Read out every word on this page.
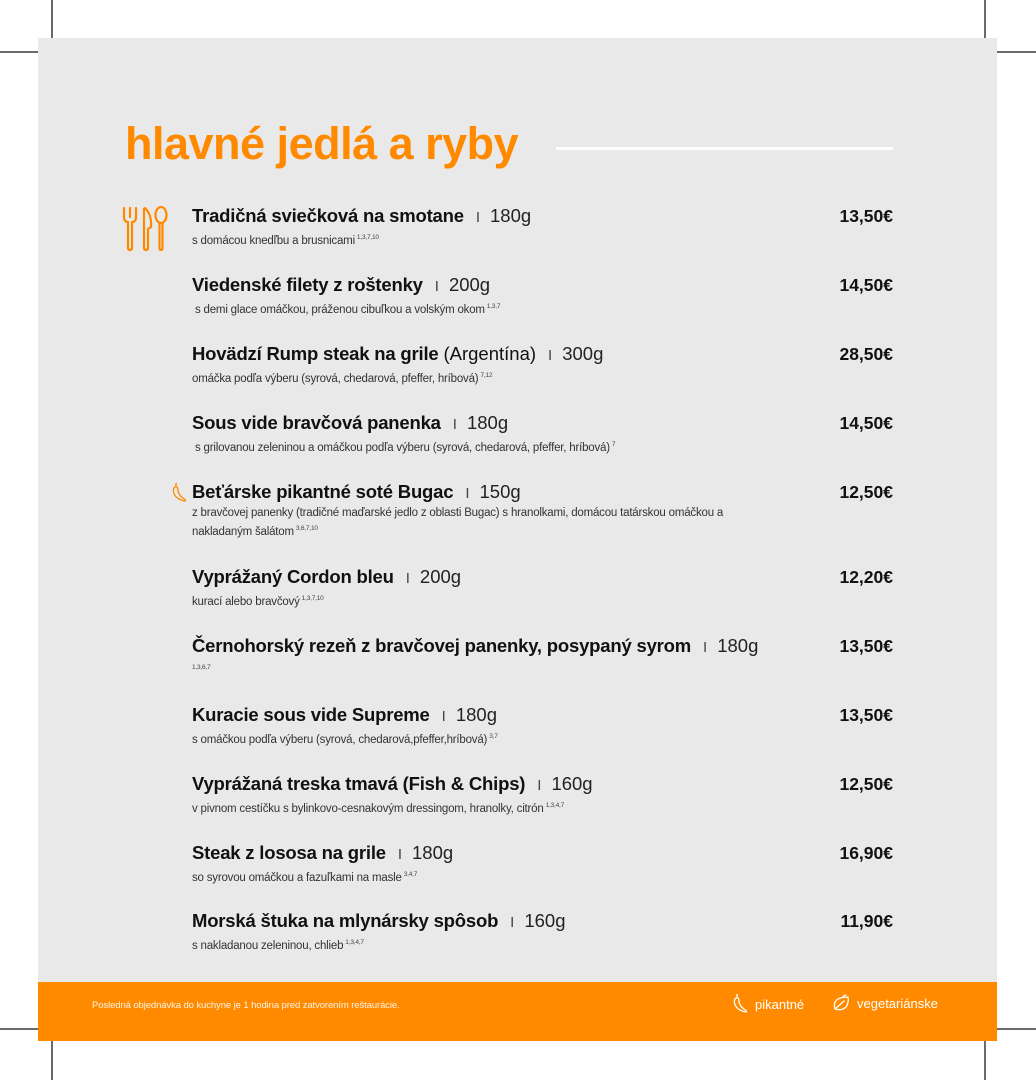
hlavné jedlá a ryby
Tradičná sviečková na smotane I 180g	13,50€
s domácou knedľbu a brusnicami $^{1,3,7,10}$
Viedenské filety z roštenky I 200g	14,50€
s demi glace omáčkou, práženou cibuľkou a volským okom $^{1,3,7}$
Hovädzí Rump steak na grile (Argentína) I 300g	28,50€
omáčka podľa výberu (syrová, chedarová, pfeffer, hríbová) $^{7,12}$
Sous vide bravčová panenka I 180g	14,50€
s grilovanou zeleninou a omáčkou podľa výberu (syrová, chedarová, pfeffer, hríbová) $^7$
Beťárske pikantné soté Bugac I 150g	12,50€
z bravčovej panenky (tradičné maďarské jedlo z oblasti Bugac) s hranolkami, domácou tatárskou omáčkou a nakladaným šalátom $^{3,6,7,10}$
Vyprážaný Cordon bleu I 200g	12,20€
kurací alebo bravčový $^{1,3,7,10}$
Černohorský rezeň z bravčovej panenky, posypaný syrom I 180g	13,50€
$^{1,3,6,7}$
Kuracie sous vide Supreme I 180g	13,50€
s omáčkou podľa výberu (syrová, chedarová,pfeffer,hríbová) $^{3,7}$
Vyprážaná treska tmavá (Fish & Chips) I 160g	12,50€
v pivnom cestíčku s bylinkovo-cesnakovým dressingom, hranolky, citrón $^{1,3,4,7}$
Steak z lososa na grile I 180g	16,90€
so syrovou omáčkou a fazuľkami na masle $^{3,4,7}$
Morská štuka na mlynársky spôsob I 160g	11,90€
s nakladanou zeleninou, chlieb $^{1,3,4,7}$
Posledná objednávka do kuchyne je 1 hodina pred zatvorením reštaurácie.	pikantné	vegetariánske
